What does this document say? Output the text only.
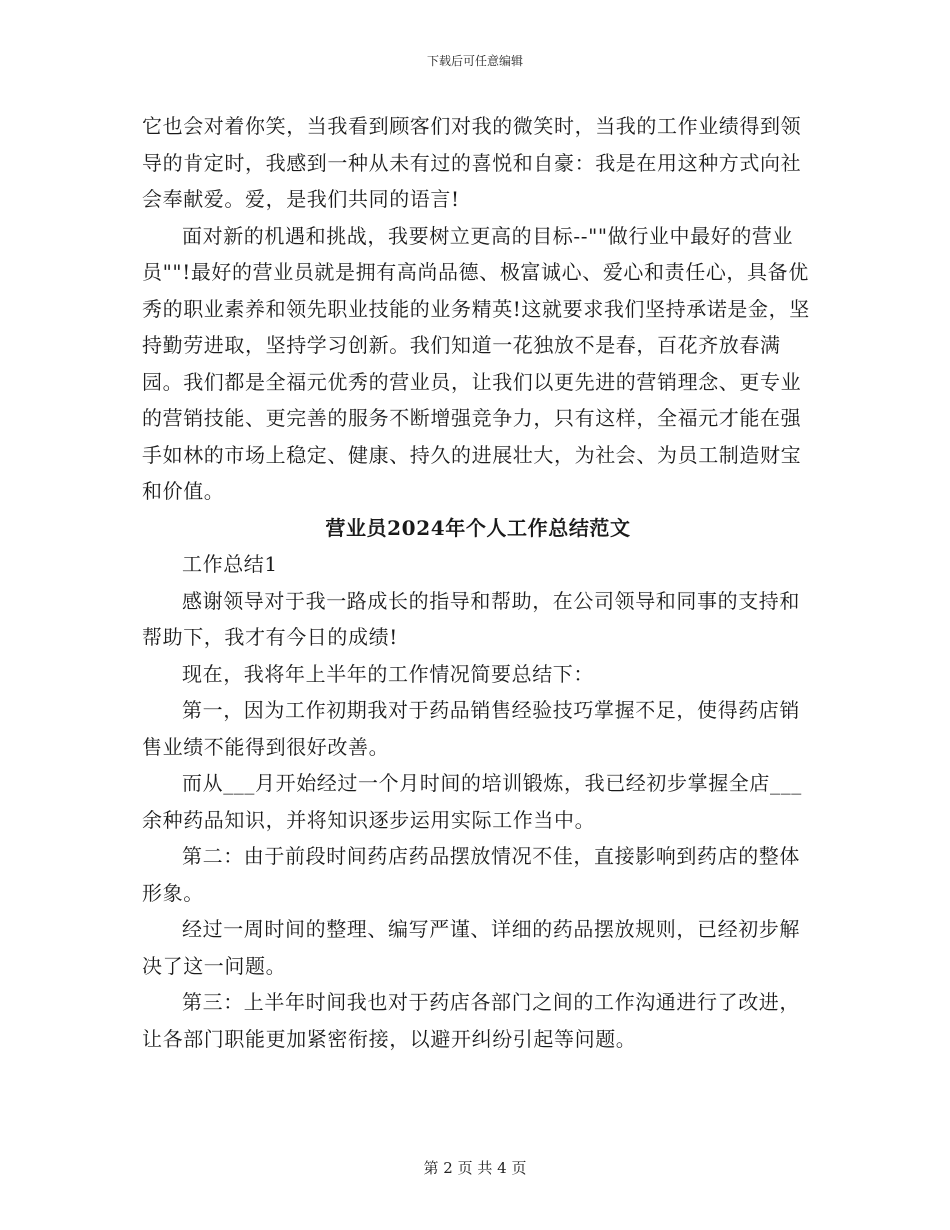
下载后可任意编辑

它也会对着你笑，当我看到顾客们对我的微笑时，当我的工作业绩得到领导的肯定时，我感到一种从未有过的喜悦和自豪：我是在用这种方式向社会奉献爱。爱，是我们共同的语言!

面对新的机遇和挑战，我要树立更高的目标--""做行业中最好的营业员""!最好的营业员就是拥有高尚品德、极富诚心、爱心和责任心，具备优秀的职业素养和领先职业技能的业务精英!这就要求我们坚持承诺是金，坚持勤劳进取，坚持学习创新。我们知道一花独放不是春，百花齐放春满园。我们都是全福元优秀的营业员，让我们以更先进的营销理念、更专业的营销技能、更完善的服务不断增强竞争力，只有这样，全福元才能在强手如林的市场上稳定、健康、持久的进展壮大，为社会、为员工制造财宝和价值。

营业员2024年个人工作总结范文

工作总结1

感谢领导对于我一路成长的指导和帮助，在公司领导和同事的支持和帮助下，我才有今日的成绩!

现在，我将年上半年的工作情况简要总结下：

第一，因为工作初期我对于药品销售经验技巧掌握不足，使得药店销售业绩不能得到很好改善。

而从___月开始经过一个月时间的培训锻炼，我已经初步掌握全店___余种药品知识，并将知识逐步运用实际工作当中。

第二：由于前段时间药店药品摆放情况不佳，直接影响到药店的整体形象。

经过一周时间的整理、编写严谨、详细的药品摆放规则，已经初步解决了这一问题。

第三：上半年时间我也对于药店各部门之间的工作沟通进行了改进，让各部门职能更加紧密衔接，以避开纠纷引起等问题。

第 2 页 共 4 页
